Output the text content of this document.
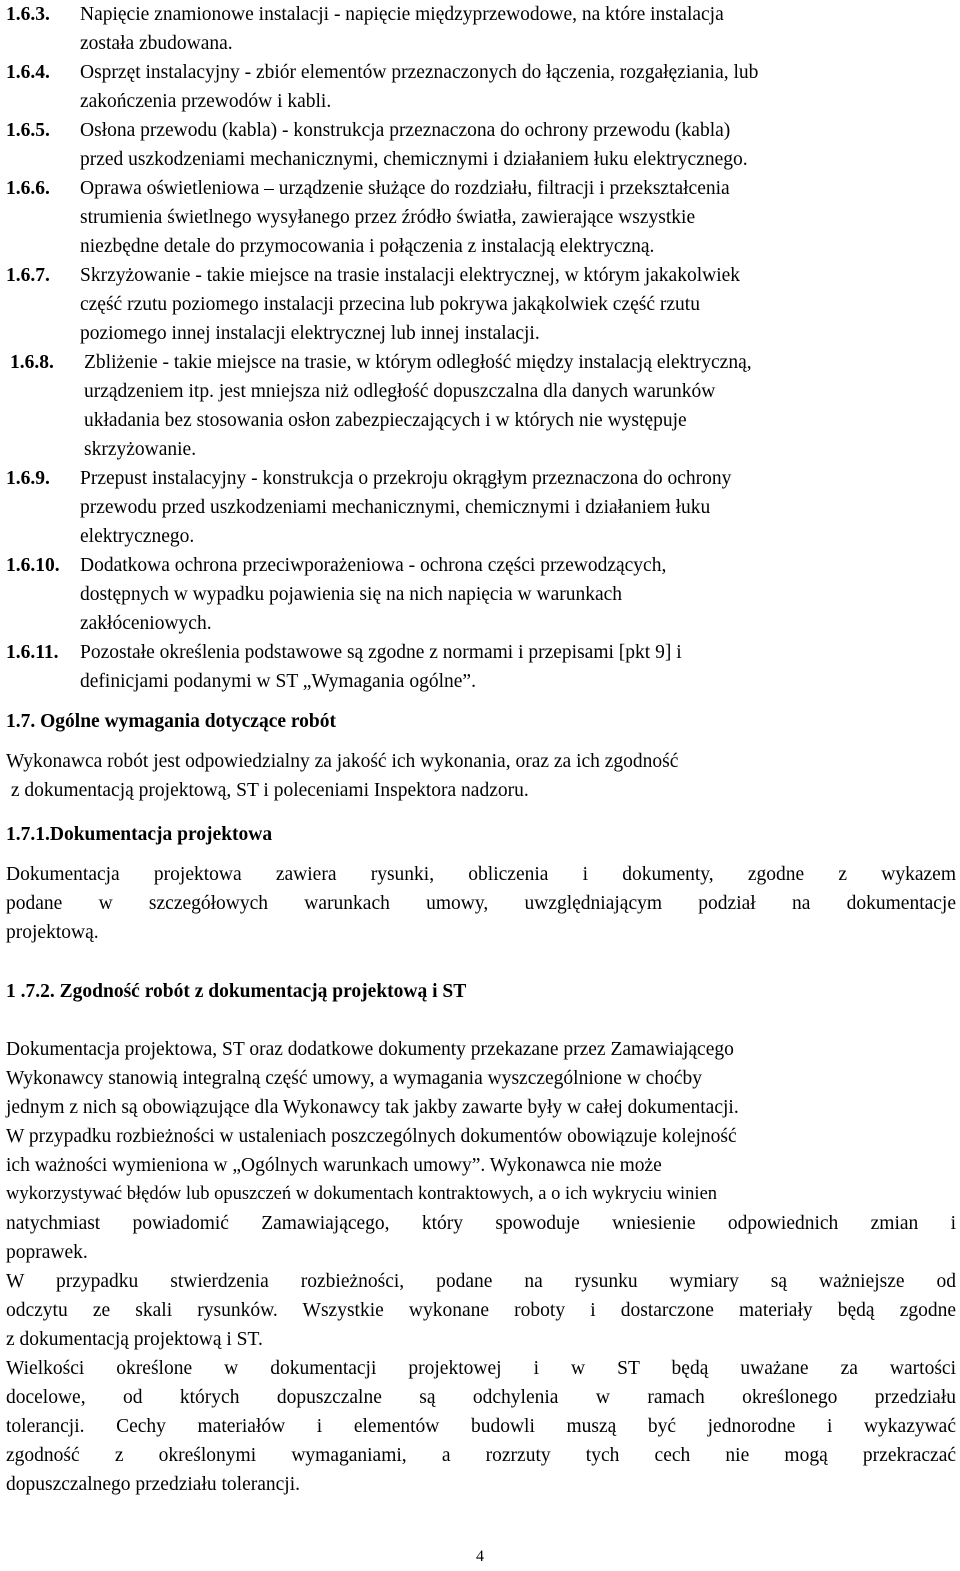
1.6.3.	Napięcie znamionowe instalacji - napięcie międzyprzewodowe, na które instalacja
została zbudowana.
1.6.4.	Osprzęt instalacyjny - zbiór elementów przeznaczonych do łączenia, rozgałęziania, lub
zakończenia przewodów i kabli.
1.6.5.	Osłona przewodu (kabla) - konstrukcja przeznaczona do ochrony przewodu (kabla)
przed uszkodzeniami mechanicznymi, chemicznymi i działaniem łuku elektrycznego.
1.6.6.	Oprawa oświetleniowa – urządzenie służące do rozdziału, filtracji i przekształcenia
strumienia świetlnego wysyłanego przez źródło światła, zawierające wszystkie
niezbędne detale do przymocowania i połączenia z instalacją elektryczną.
1.6.7.	Skrzyżowanie - takie miejsce na trasie instalacji elektrycznej, w którym jakakolwiek
część rzutu poziomego instalacji przecina lub pokrywa jakąkolwiek część rzutu
poziomego innej instalacji elektrycznej lub innej instalacji.
1.6.8.	Zbliżenie - takie miejsce na trasie, w którym odległość między instalacją elektryczną,
urządzeniem itp. jest mniejsza niż odległość dopuszczalna dla danych warunków
układania bez stosowania osłon zabezpieczających i w których nie występuje
skrzyżowanie.
1.6.9.	Przepust instalacyjny - konstrukcja o przekroju okrągłym przeznaczona do ochrony
przewodu przed uszkodzeniami mechanicznymi, chemicznymi i działaniem łuku
elektrycznego.
1.6.10.	Dodatkowa ochrona przeciwporażeniowa - ochrona części przewodzących,
dostępnych w wypadku pojawienia się na nich napięcia w warunkach
zakłóceniowych.
1.6.11.	Pozostałe określenia podstawowe są zgodne z normami i przepisami [pkt 9] i
definicjami podanymi w ST „Wymagania ogólne”.
1.7. Ogólne wymagania dotyczące robót
Wykonawca robót jest odpowiedzialny za jakość ich wykonania, oraz za ich zgodność
z dokumentacją projektową, ST i poleceniami Inspektora nadzoru.
1.7.1.Dokumentacja projektowa
Dokumentacja projektowa zawiera rysunki, obliczenia i dokumenty, zgodne z wykazem
podane w szczegółowych warunkach umowy, uwzględniającym podział na dokumentacje
projektową.
1 .7.2. Zgodność robót z dokumentacją projektową i ST
Dokumentacja projektowa, ST oraz dodatkowe dokumenty przekazane przez Zamawiającego
Wykonawcy stanowią integralną część umowy, a wymagania wyszczególnione w choćby
jednym z nich są obowiązujące dla Wykonawcy tak jakby zawarte były w całej dokumentacji.
W przypadku rozbieżności w ustaleniach poszczególnych dokumentów obowiązuje kolejność
ich ważności wymieniona w „Ogólnych warunkach umowy”. Wykonawca nie może
wykorzystywać błędów lub opuszczeń w dokumentach kontraktowych, a o ich wykryciu winien
natychmiast powiadomić Zamawiającego, który spowoduje wniesienie odpowiednich zmian i
poprawek.
W przypadku stwierdzenia rozbieżności, podane na rysunku wymiary są ważniejsze od
odczytu ze skali rysunków. Wszystkie wykonane roboty i dostarczone materiały będą zgodne
z dokumentacją projektową i ST.
Wielkości określone w dokumentacji projektowej i w ST będą uważane za wartości
docelowe, od których dopuszczalne są odchylenia w ramach określonego przedziału
tolerancji. Cechy materiałów i elementów budowli muszą być jednorodne i wykazywać
zgodność z określonymi wymaganiami, a rozrzuty tych cech nie mogą przekraczać
dopuszczalnego przedziału tolerancji.
4
